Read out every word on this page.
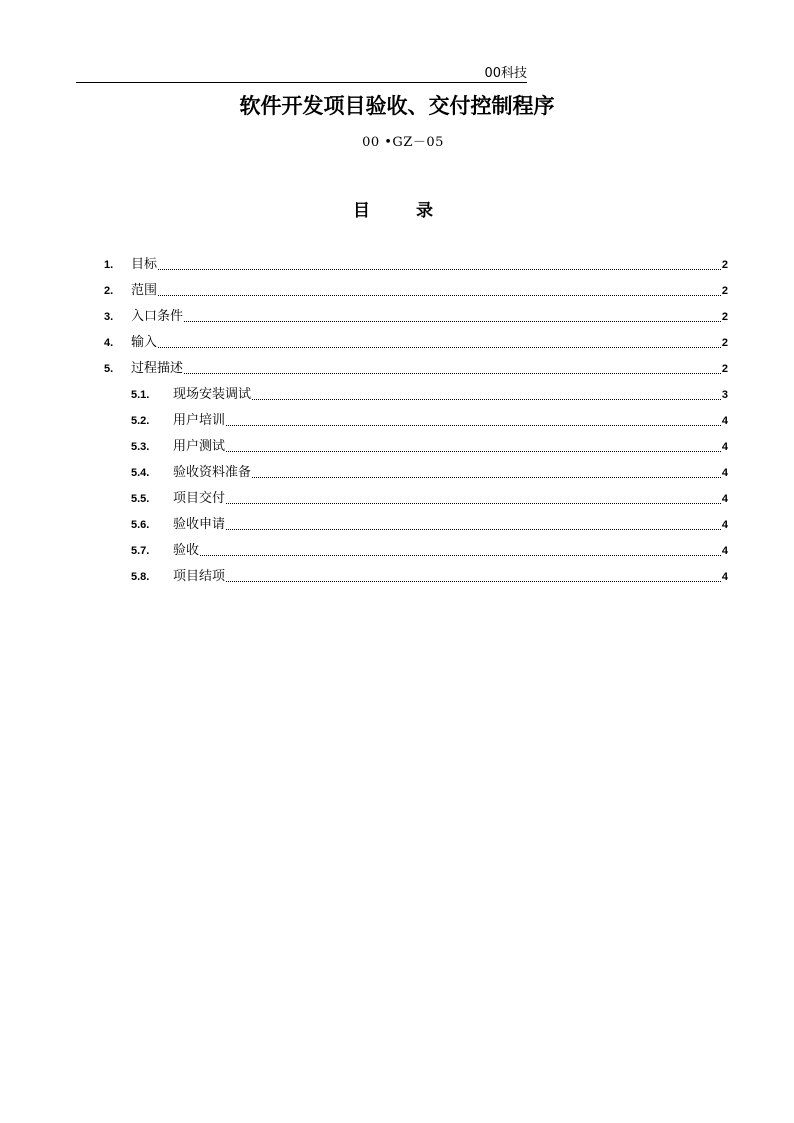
00科技
软件开发项目验收、交付控制程序
00 •GZ－05
目 录
1. 目标	2
2. 范围	2
3. 入口条件	2
4. 输入	2
5. 过程描述	2
5.1. 现场安装调试	3
5.2. 用户培训	4
5.3. 用户测试	4
5.4. 验收资料准备	4
5.5. 项目交付	4
5.6. 验收申请	4
5.7. 验收	4
5.8. 项目结项	4
